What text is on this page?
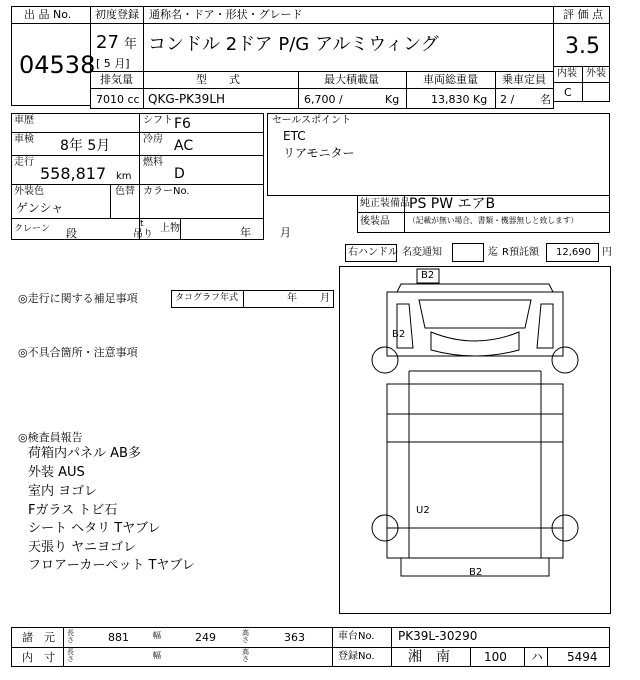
出 品 No.
04538
初度登録
27 年
[ 5 月]
通称名・ドア・形状・グレード
コンドル 2ドア P/G アルミウィング
評 価 点
3.5
内装 外装
C
排気量
7010 cc
型　　式
QKG-PK39LH
最大積載量
6,700 /	Kg
車両総重量
13,830 Kg
乗車定員
2 / 名
車歴
車検 8年 5月
シフト F6
冷房 AC
走行
558,817 km
燃料
D
外装色
ゲンシャ
色替 カラーNo.
クレーン 段
t
吊り
上物	年	月
セールスポイント
ETC
リアモニター
純正装備品 PS PW エアB
後装品 （記載が無い場合、書類・機器無しと致します）
右ハンドル 名変通知	迄 R預託額 12,690 円
◎走行に関する補足事項	タコグラフ年式	年 月
◎不具合箇所・注意事項
◎検査員報告
荷箱内パネル AB多
外装 AUS
室内 ヨゴレ
Fガラス トビ石
シート ヘタリ Tヤブレ
天張り ヤニヨゴレ
フロアーカーペット Tヤブレ
B2
B2
U2
B2
諸　元 長さ	881	幅	249	高さ	363	車台No. PK39L-30290
内　寸 長さ	幅	高さ	登録No. 湘　南	100 ハ 5494
